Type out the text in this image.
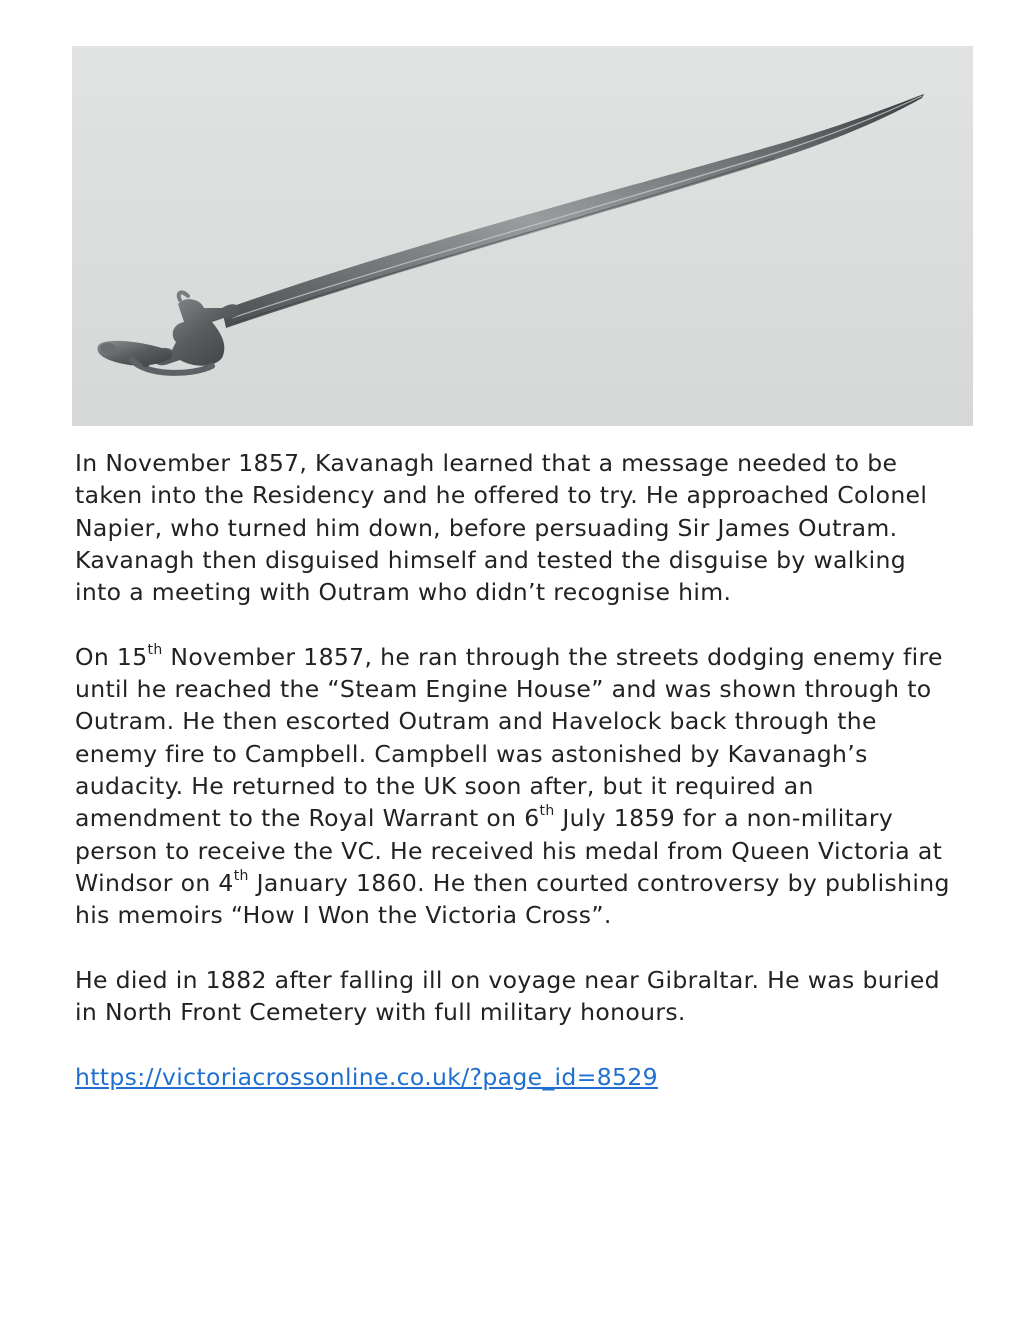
In November 1857, Kavanagh learned that a message needed to be taken into the Residency and he offered to try. He approached Colonel Napier, who turned him down, before persuading Sir James Outram. Kavanagh then disguised himself and tested the disguise by walking into a meeting with Outram who didn’t recognise him.

On 15th November 1857, he ran through the streets dodging enemy fire until he reached the “Steam Engine House” and was shown through to Outram. He then escorted Outram and Havelock back through the enemy fire to Campbell. Campbell was astonished by Kavanagh’s audacity. He returned to the UK soon after, but it required an amendment to the Royal Warrant on 6th July 1859 for a non-military person to receive the VC. He received his medal from Queen Victoria at Windsor on 4th January 1860. He then courted controversy by publishing his memoirs “How I Won the Victoria Cross”.

He died in 1882 after falling ill on voyage near Gibraltar. He was buried in North Front Cemetery with full military honours.

https://victoriacrossonline.co.uk/?page_id=8529
